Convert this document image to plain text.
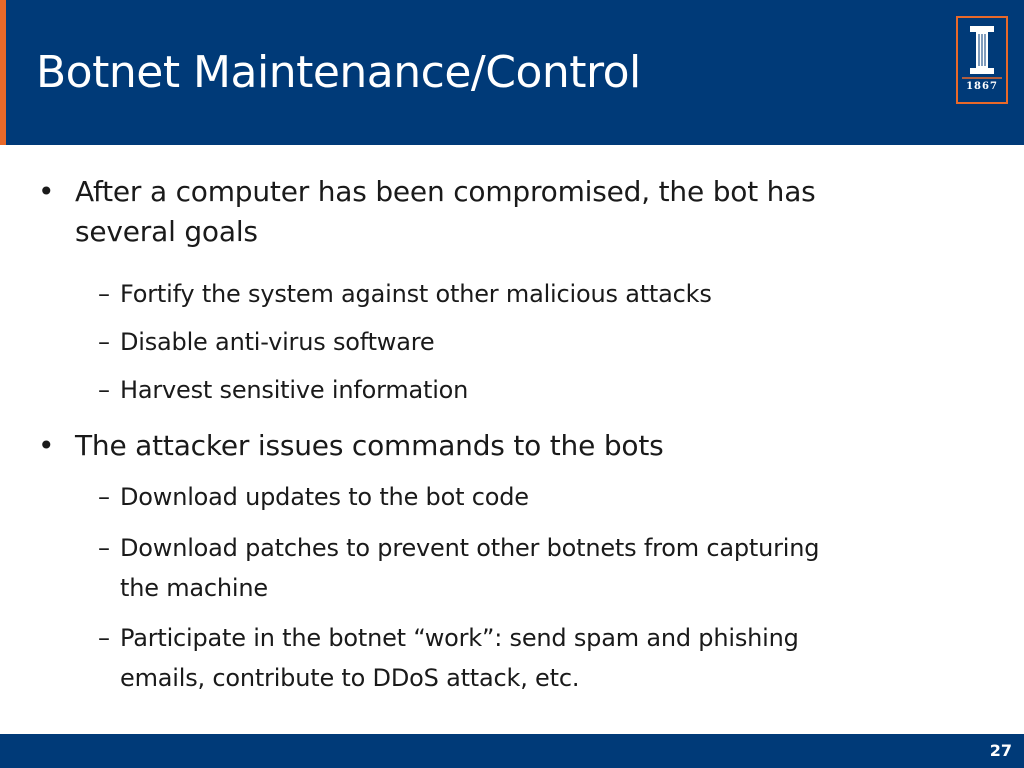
Botnet Maintenance/Control	1867
• After a computer has been compromised, the bot has
several goals
– Fortify the system against other malicious attacks
– Disable anti-virus software
– Harvest sensitive information
• The attacker issues commands to the bots
– Download updates to the bot code
– Download patches to prevent other botnets from capturing
the machine
– Participate in the botnet “work”: send spam and phishing
emails, contribute to DDoS attack, etc.
27
